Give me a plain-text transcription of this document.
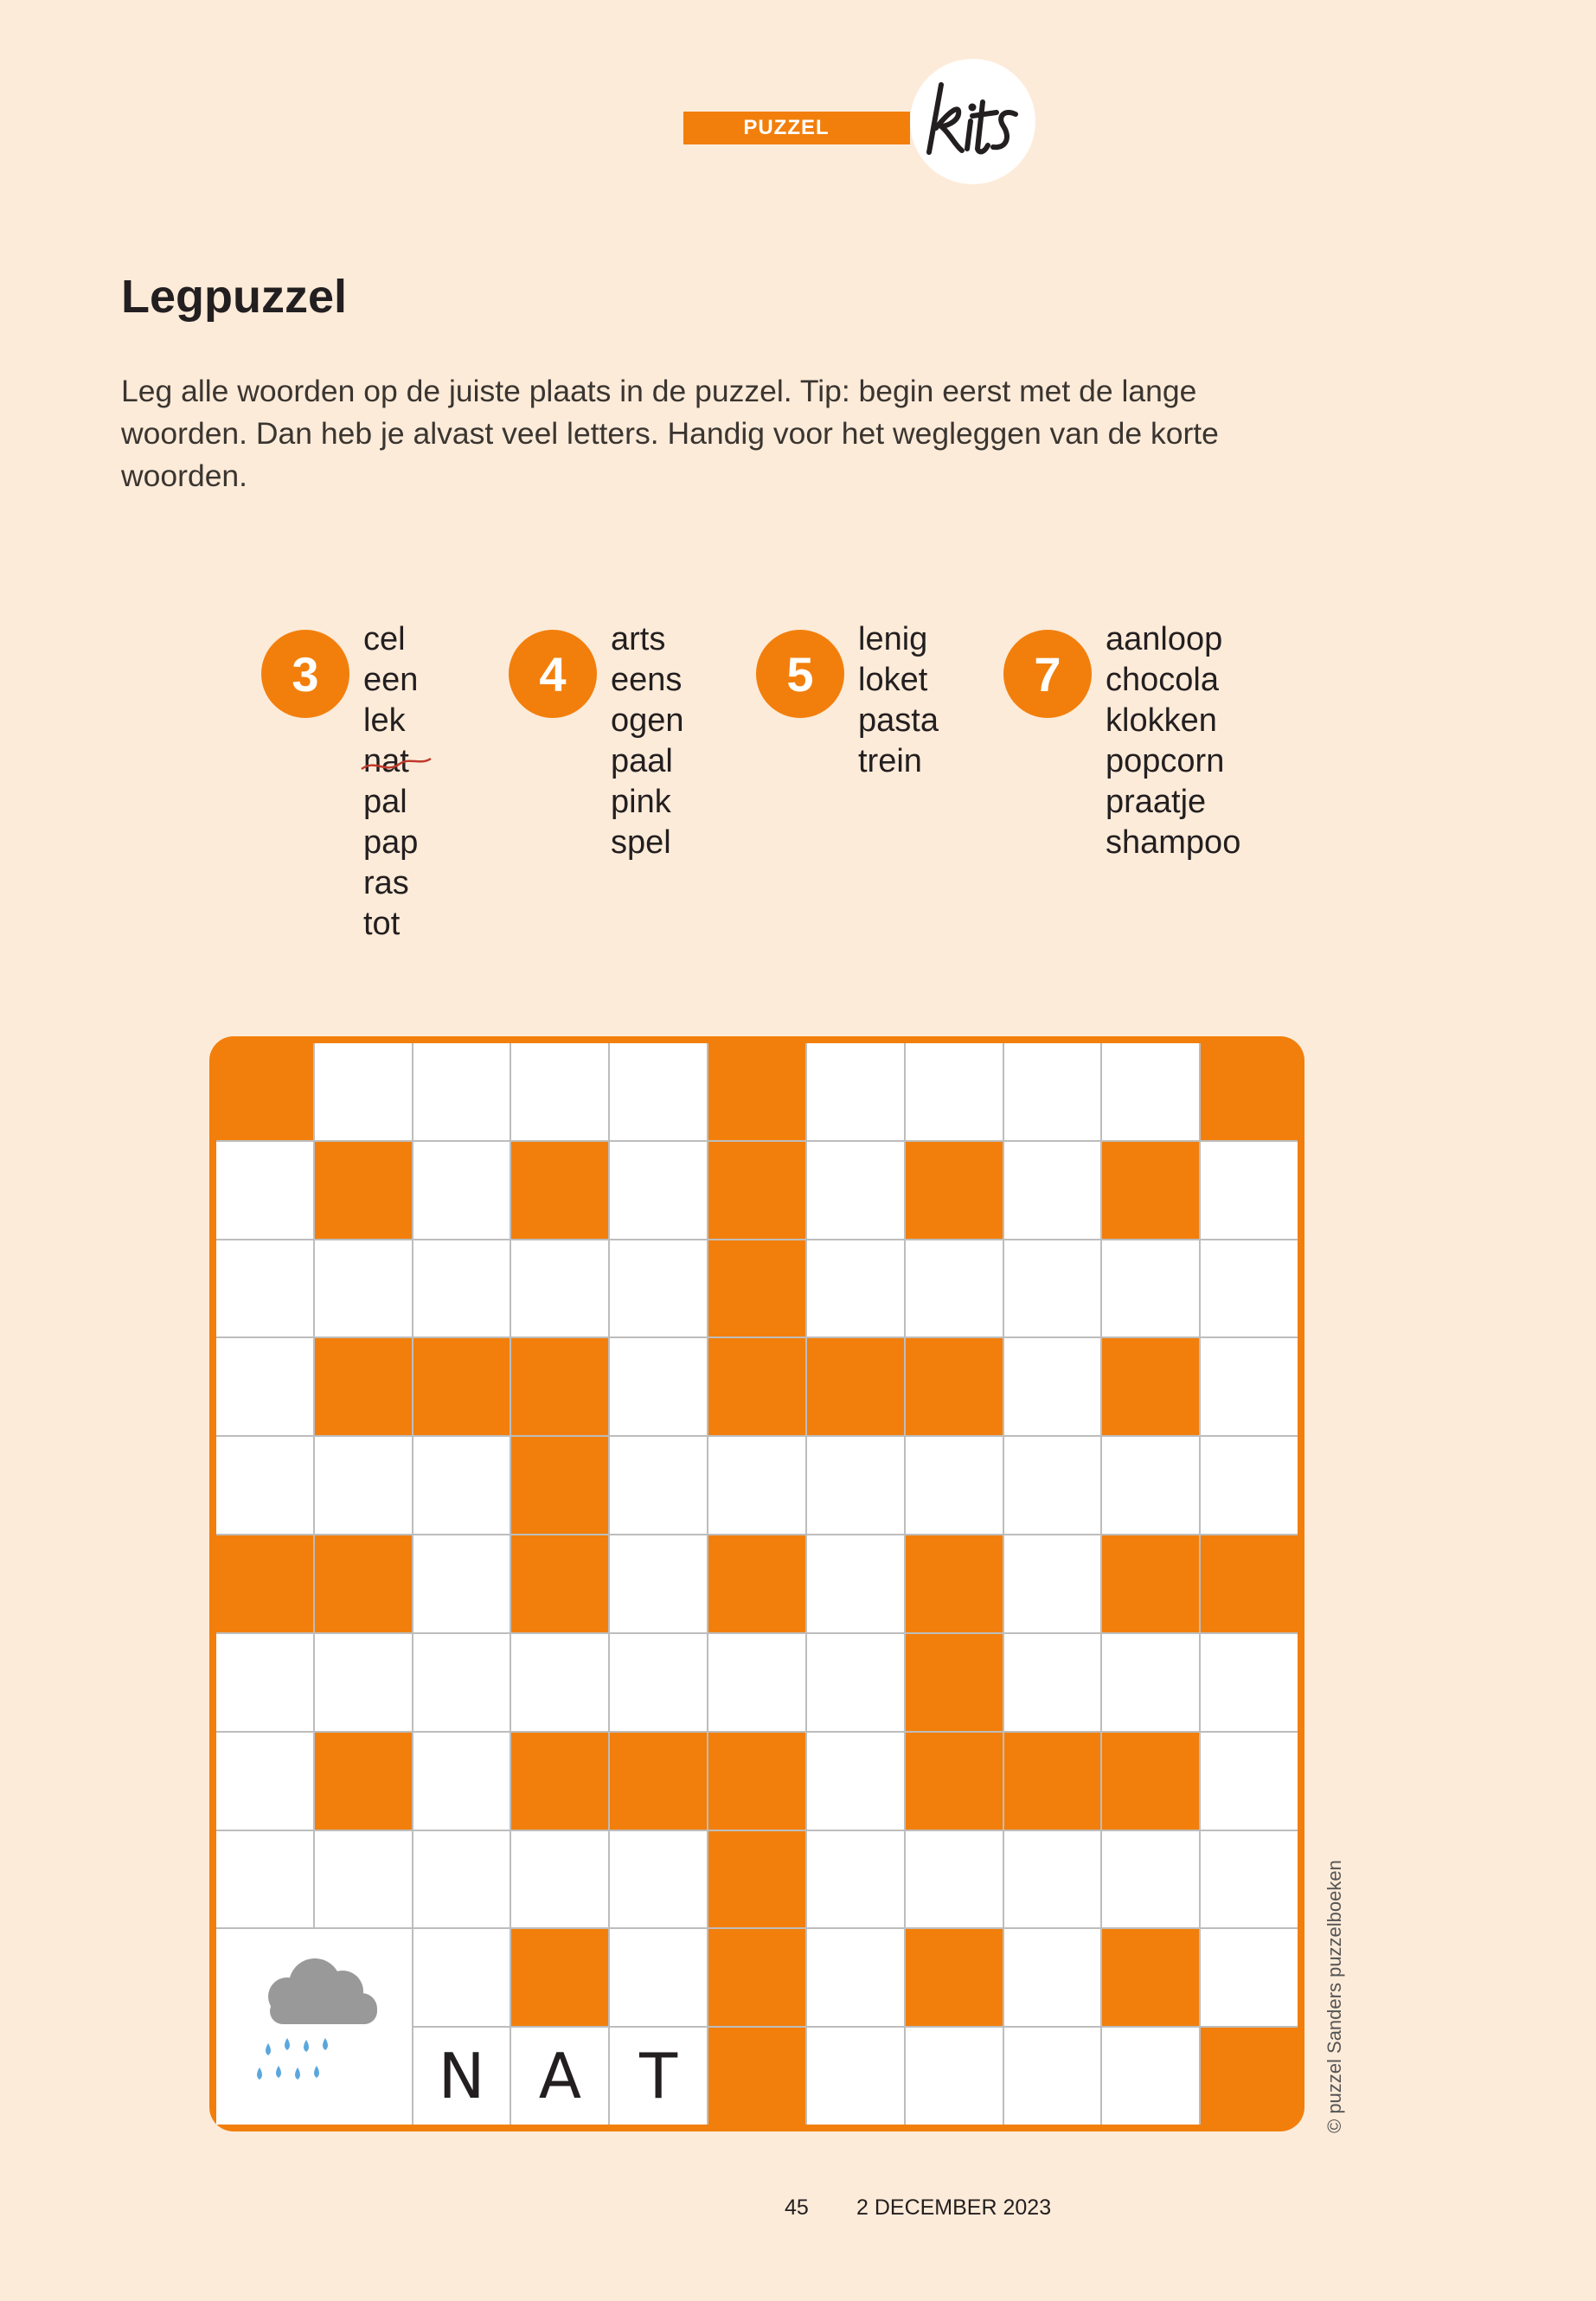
PUZZEL
Legpuzzel

Leg alle woorden op de juiste plaats in de puzzel. Tip: begin eerst met de lange woorden. Dan heb je alvast veel letters. Handig voor het wegleggen van de korte woorden.

3
cel
een
lek
nat
pal
pap
ras
tot
4
arts
eens
ogen
paal
pink
spel
5
lenig
loket
pasta
trein
7
aanloop
chocola
klokken
popcorn
praatje
shampoo
N A T
45 2 DECEMBER 2023
© puzzel Sanders puzzelboeken
